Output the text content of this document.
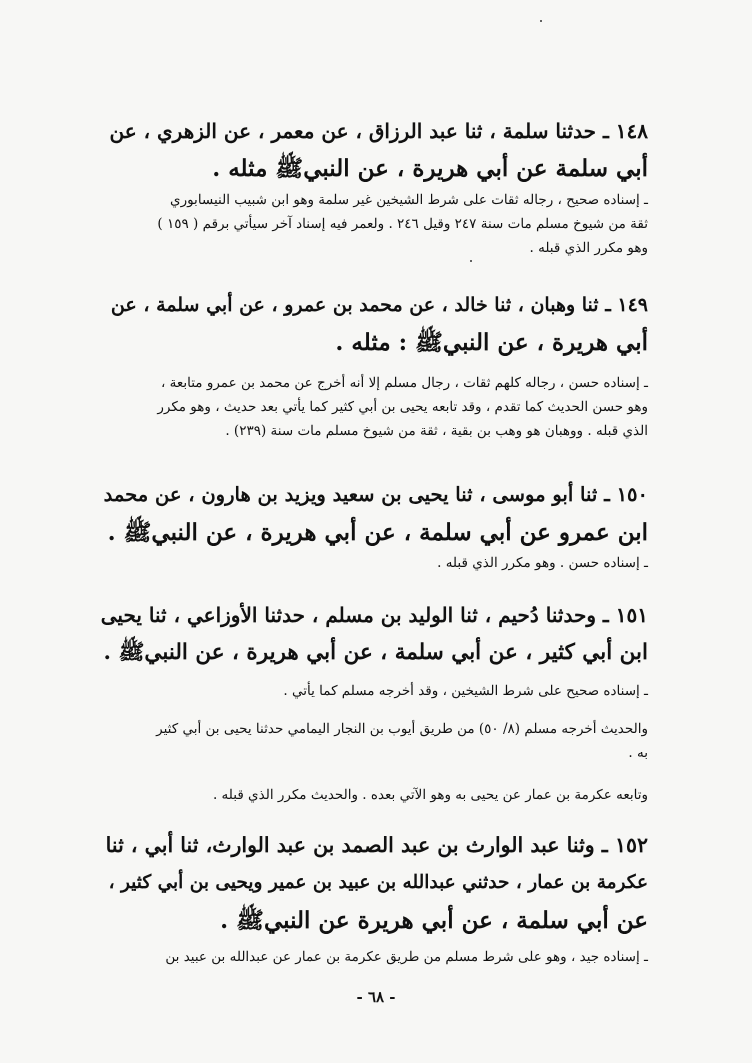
١٤٨ ـ حدثنا سلمة ، ثنا عبد الرزاق ، عن معمر ، عن الزهري ، عن
أبي سلمة عن أبي هريرة ، عن النبيﷺ مثله .
ـ إسناده صحيح ، رجاله ثقات على شرط الشيخين غير سلمة وهو ابن شبيب النيسابوري
ثقة من شيوخ مسلم مات سنة ٢٤٧ وقيل ٢٤٦ . ولعمر فيه إسناد آخر سيأتي برقم ( ١٥٩ )
وهو مكرر الذي قبله .
١٤٩ ـ ثنا وهبان ، ثنا خالد ، عن محمد بن عمرو ، عن أبي سلمة ، عن
أبي هريرة ، عن النبيﷺ : مثله .
ـ إسناده حسن ، رجاله كلهم ثقات ، رجال مسلم إلا أنه أخرج عن محمد بن عمرو متابعة ،
وهو حسن الحديث كما تقدم ، وقد تابعه يحيى بن أبي كثير كما يأتي بعد حديث ، وهو مكرر
الذي قبله . ووهبان هو وهب بن بقية ، ثقة من شيوخ مسلم مات سنة (٢٣٩) .
١٥٠ ـ ثنا أبو موسى ، ثنا يحيى بن سعيد ويزيد بن هارون ، عن محمد
ابن عمرو عن أبي سلمة ، عن أبي هريرة ، عن النبيﷺ .
ـ إسناده حسن . وهو مكرر الذي قبله .
١٥١ ـ وحدثنا دُحيم ، ثنا الوليد بن مسلم ، حدثنا الأوزاعي ، ثنا يحيى
ابن أبي كثير ، عن أبي سلمة ، عن أبي هريرة ، عن النبيﷺ .
ـ إسناده صحيح على شرط الشيخين ، وقد أخرجه مسلم كما يأتي .
والحديث أخرجه مسلم (٨/ ٥٠) من طريق أيوب بن النجار اليمامي حدثنا يحيى بن أبي كثير
به .
وتابعه عكرمة بن عمار عن يحيى به وهو الآتي بعده . والحديث مكرر الذي قبله .
١٥٢ ـ وثنا عبد الوارث بن عبد الصمد بن عبد الوارث، ثنا أبي ، ثنا
عكرمة بن عمار ، حدثني عبدالله بن عبيد بن عمير ويحيى بن أبي كثير ،
عن أبي سلمة ، عن أبي هريرة عن النبيﷺ .
ـ إسناده جيد ، وهو على شرط مسلم من طريق عكرمة بن عمار عن عبدالله بن عبيد بن
- ٦٨ -
